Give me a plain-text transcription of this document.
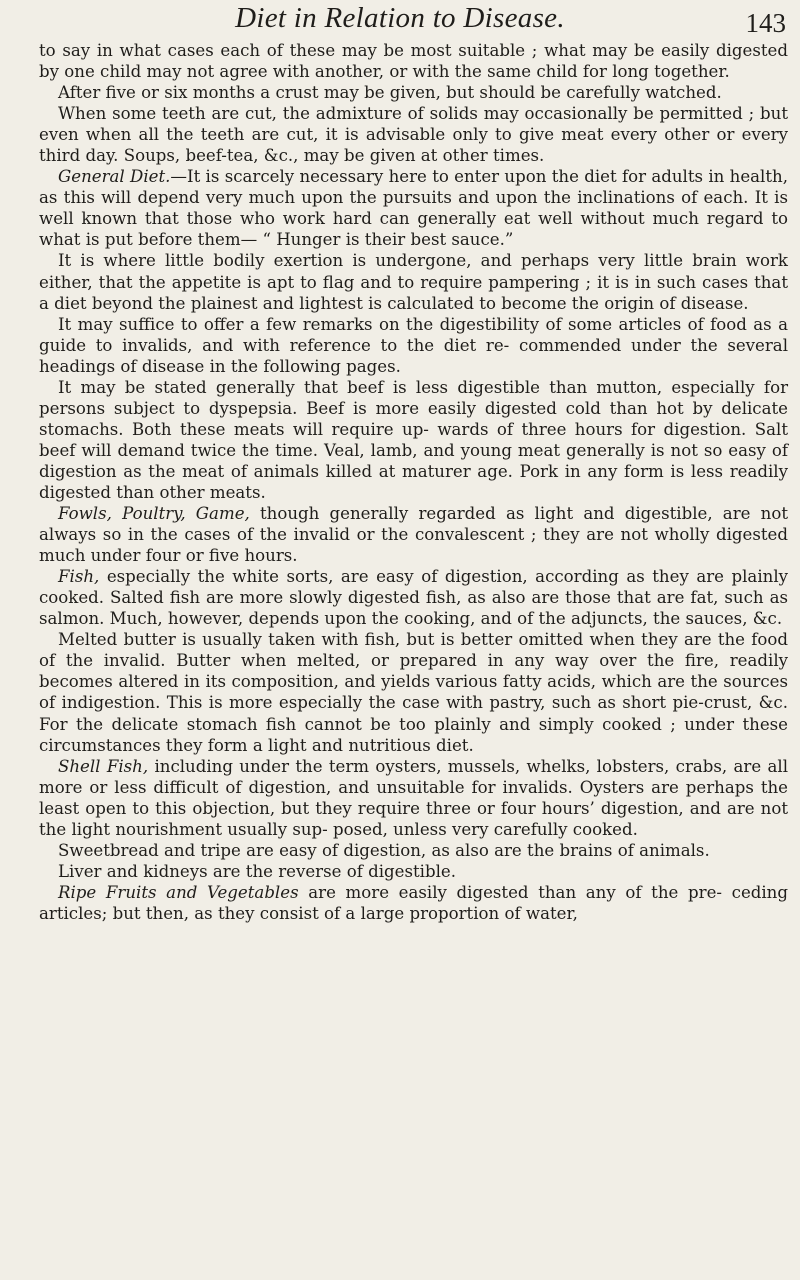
Diet in Relation to Disease.	143

to say in what cases each of these may be most suitable ; what may be easily digested by one child may not agree with another, or with the same child for long together.

After five or six months a crust may be given, but should be carefully watched.

When some teeth are cut, the admixture of solids may occasionally be permitted ; but even when all the teeth are cut, it is advisable only to give meat every other or every third day. Soups, beef-tea, &c., may be given at other times.

General Diet.—It is scarcely necessary here to enter upon the diet for adults in health, as this will depend very much upon the pursuits and upon the inclinations of each. It is well known that those who work hard can generally eat well without much regard to what is put before them— “ Hunger is their best sauce.”

It is where little bodily exertion is undergone, and perhaps very little brain work either, that the appetite is apt to flag and to require pampering ; it is in such cases that a diet beyond the plainest and lightest is calculated to become the origin of disease.

It may suffice to offer a few remarks on the digestibility of some articles of food as a guide to invalids, and with reference to the diet re- commended under the several headings of disease in the following pages.

It may be stated generally that beef is less digestible than mutton, especially for persons subject to dyspepsia. Beef is more easily digested cold than hot by delicate stomachs. Both these meats will require up- wards of three hours for digestion. Salt beef will demand twice the time. Veal, lamb, and young meat generally is not so easy of digestion as the meat of animals killed at maturer age. Pork in any form is less readily digested than other meats.

Fowls, Poultry, Game, though generally regarded as light and digestible, are not always so in the cases of the invalid or the convalescent ; they are not wholly digested much under four or five hours.

Fish, especially the white sorts, are easy of digestion, according as they are plainly cooked. Salted fish are more slowly digested fish, as also are those that are fat, such as salmon. Much, however, depends upon the cooking, and of the adjuncts, the sauces, &c.

Melted butter is usually taken with fish, but is better omitted when they are the food of the invalid. Butter when melted, or prepared in any way over the fire, readily becomes altered in its composition, and yields various fatty acids, which are the sources of indigestion. This is more especially the case with pastry, such as short pie-crust, &c. For the delicate stomach fish cannot be too plainly and simply cooked ; under these circumstances they form a light and nutritious diet.

Shell Fish, including under the term oysters, mussels, whelks, lobsters, crabs, are all more or less difficult of digestion, and unsuitable for invalids. Oysters are perhaps the least open to this objection, but they require three or four hours’ digestion, and are not the light nourishment usually sup- posed, unless very carefully cooked.

Sweetbread and tripe are easy of digestion, as also are the brains of animals.

Liver and kidneys are the reverse of digestible.

Ripe Fruits and Vegetables are more easily digested than any of the pre- ceding articles; but then, as they consist of a large proportion of water,
